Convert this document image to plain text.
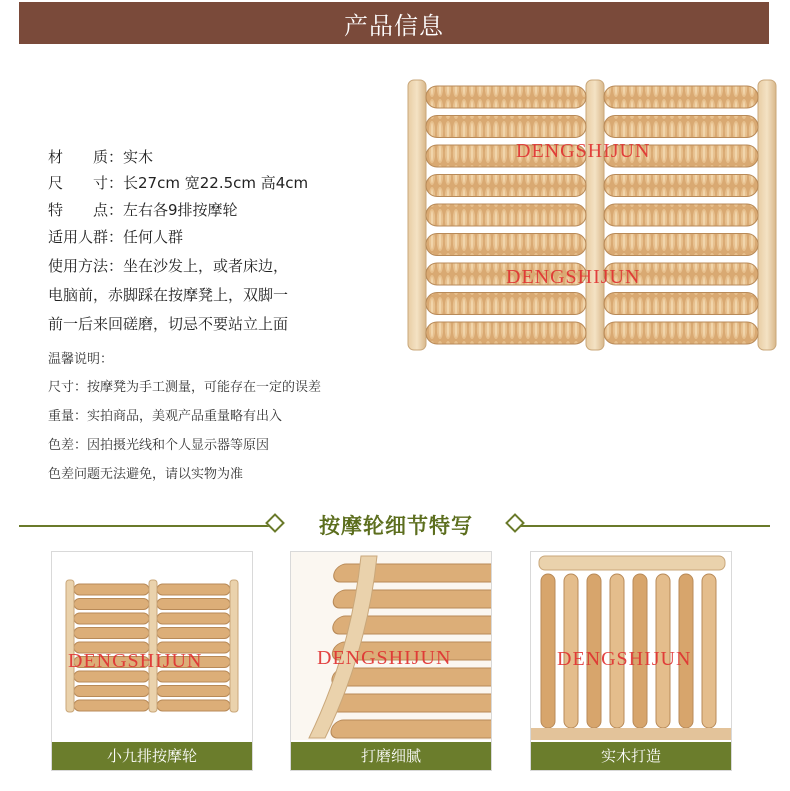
产品信息
材　　质：实木
尺　　寸：长27cm 宽22.5cm 高4cm
特　　点：左右各9排按摩轮
适用人群：任何人群
使用方法：坐在沙发上，或者床边，
电脑前，赤脚踩在按摩凳上，双脚一
前一后来回磋磨，切忌不要站立上面
温馨说明：
尺寸：按摩凳为手工测量，可能存在一定的误差
重量：实拍商品，美观产品重量略有出入
色差：因拍摄光线和个人显示器等原因
色差问题无法避免，请以实物为准
DENGSHIJUN
DENGSHIJUN
按摩轮细节特写
DENGSHIJUN
小九排按摩轮
DENGSHIJUN
打磨细腻
DENGSHIJUN
实木打造
